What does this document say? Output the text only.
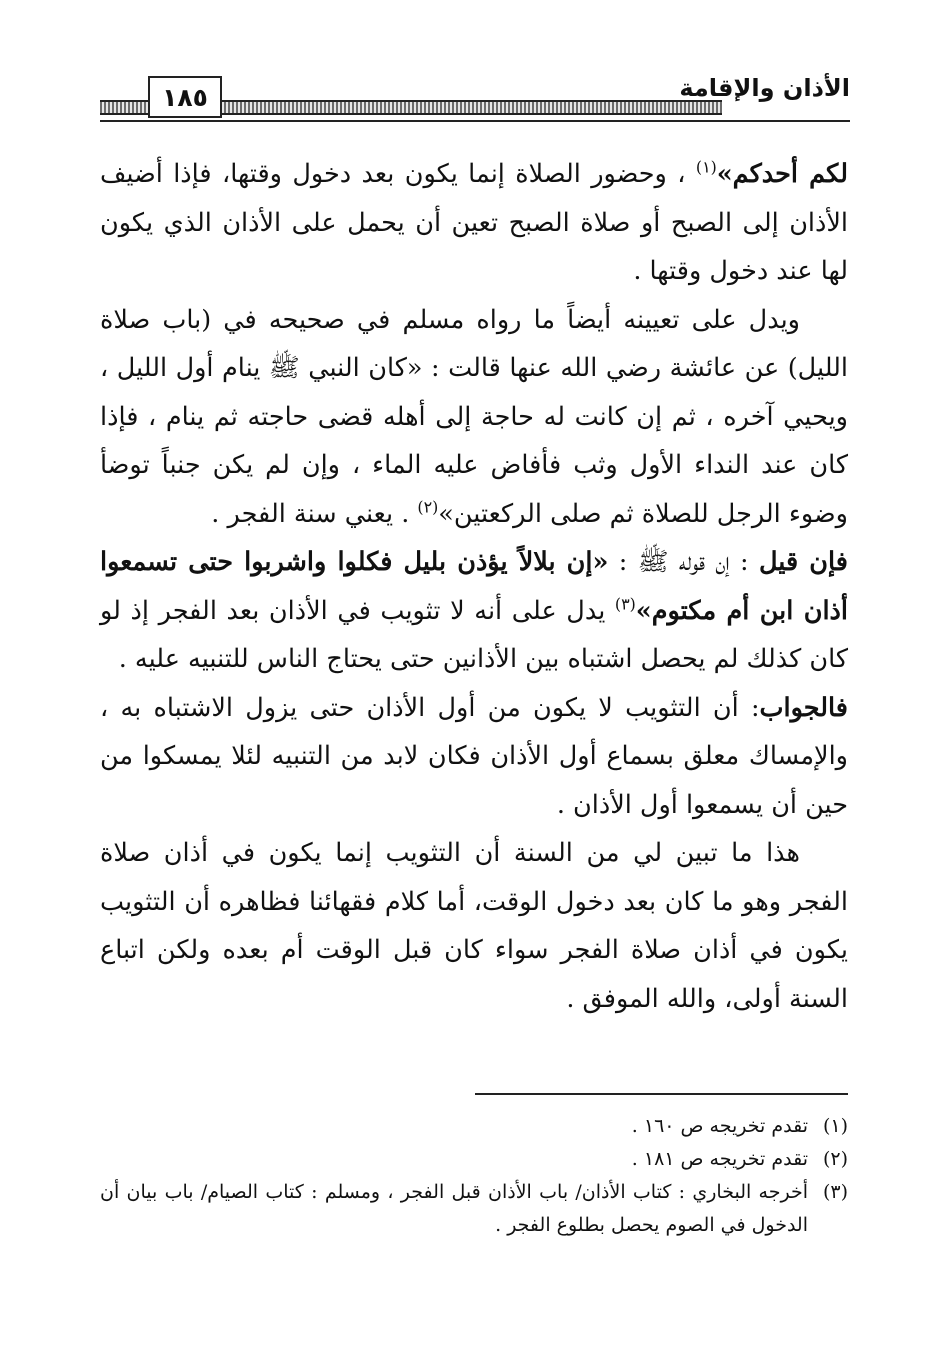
١٨٥	الأذان والإقامة

لكم أحدكم»$^{(١)}$ ، وحضور الصلاة إنما يكون بعد دخول وقتها، فإذا أضيف الأذان إلى الصبح أو صلاة الصبح تعين أن يحمل على الأذان الذي يكون لها عند دخول وقتها .

ويدل على تعيينه أيضاً ما رواه مسلم في صحيحه في (باب صلاة الليل) عن عائشة رضي الله عنها قالت : «كان النبي ﷺ ينام أول الليل ، ويحيي آخره ، ثم إن كانت له حاجة إلى أهله قضى حاجته ثم ينام ، فإذا كان عند النداء الأول وثب فأفاض عليه الماء ، وإن لم يكن جنباً توضأ وضوء الرجل للصلاة ثم صلى الركعتين»$^{(٢)}$ . يعني سنة الفجر .

فإن قيل : إن قوله ﷺ : «إن بلالاً يؤذن بليل فكلوا واشربوا حتى تسمعوا أذان ابن أم مكتوم»$^{(٣)}$ يدل على أنه لا تثويب في الأذان بعد الفجر إذ لو كان كذلك لم يحصل اشتباه بين الأذانين حتى يحتاج الناس للتنبيه عليه .

فالجواب: أن التثويب لا يكون من أول الأذان حتى يزول الاشتباه به ، والإمساك معلق بسماع أول الأذان فكان لابد من التنبيه لئلا يمسكوا من حين أن يسمعوا أول الأذان .

هذا ما تبين لي من السنة أن التثويب إنما يكون في أذان صلاة الفجر وهو ما كان بعد دخول الوقت، أما كلام فقهائنا فظاهره أن التثويب يكون في أذان صلاة الفجر سواء كان قبل الوقت أم بعده ولكن اتباع السنة أولى، والله الموفق .

(١)تقدم تخريجه ص ١٦٠ .

(٢)تقدم تخريجه ص ١٨١ .

(٣)أخرجه البخاري : كتاب الأذان/ باب الأذان قبل الفجر ، ومسلم : كتاب الصيام/ باب بيان أن الدخول في الصوم يحصل بطلوع الفجر .
